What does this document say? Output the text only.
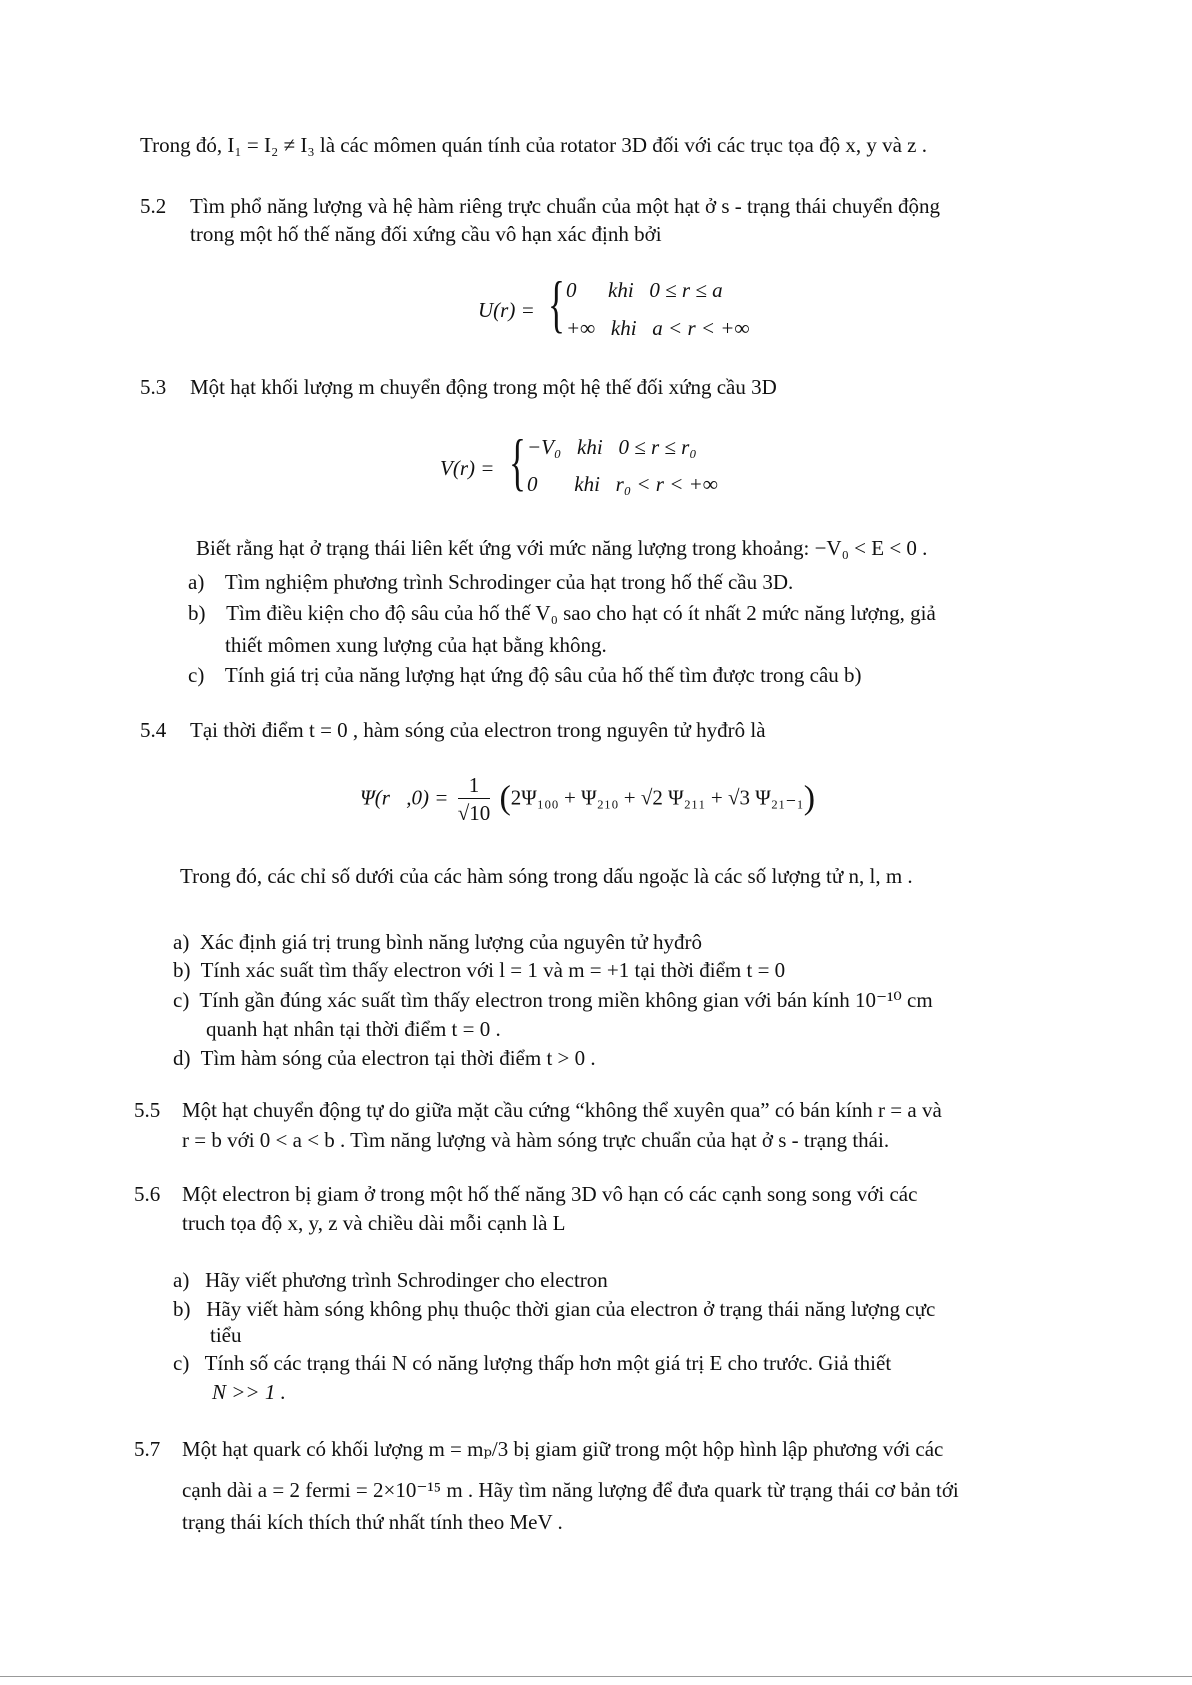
Trong đó, I₁ = I₂ ≠ I₃ là các mômen quán tính của rotator 3D đối với các trục tọa độ x, y và z .
5.2 Tìm phổ năng lượng và hệ hàm riêng trực chuẩn của một hạt ở s - trạng thái chuyển động
trong một hố thế năng đối xứng cầu vô hạn xác định bởi
U(r) = { 0      khi   0 ≤ r ≤ a
+∞   khi   a < r < +∞
5.3 Một hạt khối lượng m chuyển động trong một hệ thế đối xứng cầu 3D
V(r) = { −V₀   khi   0 ≤ r ≤ r₀
0       khi   r₀ < r < +∞
Biết rằng hạt ở trạng thái liên kết ứng với mức năng lượng trong khoảng: −V₀ < E < 0 .
a)    Tìm nghiệm phương trình Schrodinger của hạt trong hố thế cầu 3D.
b)    Tìm điều kiện cho độ sâu của hố thế V₀ sao cho hạt có ít nhất 2 mức năng lượng, giả
thiết mômen xung lượng của hạt bằng không.
c)    Tính giá trị của năng lượng hạt ứng độ sâu của hố thế tìm được trong câu b)
5.4 Tại thời điểm t = 0 , hàm sóng của electron trong nguyên tử hyđrô là
Ψ(r⃗,0) = $\frac{1}{√10} (2\Psi_{100} + \Psi_{210} + √2$ Ψ₂₁₁ + √3 Ψ₂₁₋₁)
Trong đó, các chỉ số dưới của các hàm sóng trong dấu ngoặc là các số lượng tử n, l, m .
a)  Xác định giá trị trung bình năng lượng của nguyên tử hyđrô
b)  Tính xác suất tìm thấy electron với l = 1 và m = +1 tại thời điểm t = 0
c)  Tính gần đúng xác suất tìm thấy electron trong miền không gian với bán kính 10⁻¹⁰ cm
quanh hạt nhân tại thời điểm t = 0 .
d)  Tìm hàm sóng của electron tại thời điểm t > 0 .
5.5 Một hạt chuyển động tự do giữa mặt cầu cứng “không thể xuyên qua” có bán kính r = a và
r = b với 0 < a < b . Tìm năng lượng và hàm sóng trực chuẩn của hạt ở s - trạng thái.
5.6 Một electron bị giam ở trong một hố thế năng 3D vô hạn có các cạnh song song với các
truch tọa độ x, y, z và chiều dài mỗi cạnh là L
a)   Hãy viết phương trình Schrodinger cho electron
b)   Hãy viết hàm sóng không phụ thuộc thời gian của electron ở trạng thái năng lượng cực
tiểu
c)   Tính số các trạng thái N có năng lượng thấp hơn một giá trị E cho trước. Giả thiết
N >> 1 .
5.7 Một hạt quark có khối lượng m = mₚ/3 bị giam giữ trong một hộp hình lập phương với các
cạnh dài a = 2 fermi = 2×10⁻¹⁵ m . Hãy tìm năng lượng để đưa quark từ trạng thái cơ bản tới
trạng thái kích thích thứ nhất tính theo MeV .
